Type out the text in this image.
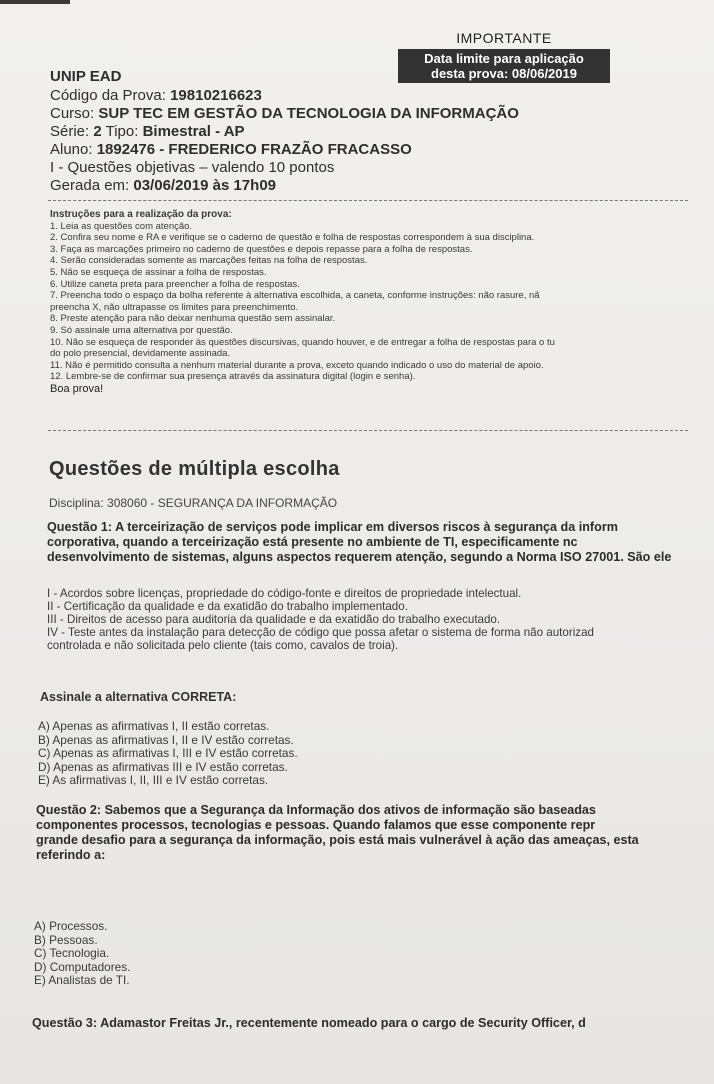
IMPORTANTE
Data limite para aplicação
desta prova: 08/06/2019
UNIP EAD
Código da Prova: 19810216623
Curso: SUP TEC EM GESTÃO DA TECNOLOGIA DA INFORMAÇÃO
Série: 2 Tipo: Bimestral - AP
Aluno: 1892476 - FREDERICO FRAZÃO FRACASSO
I - Questões objetivas – valendo 10 pontos
Gerada em: 03/06/2019 às 17h09
Instruções para a realização da prova:
1. Leia as questões com atenção.
2. Confira seu nome e RA e verifique se o caderno de questão e folha de respostas correspondem à sua disciplina.
3. Faça as marcações primeiro no caderno de questões e depois repasse para a folha de respostas.
4. Serão consideradas somente as marcações feitas na folha de respostas.
5. Não se esqueça de assinar a folha de respostas.
6. Utilize caneta preta para preencher a folha de respostas.
7. Preencha todo o espaço da bolha referente à alternativa escolhida, a caneta, conforme instruções: não rasure, nã
preencha X, não ultrapasse os limites para preenchimento.
8. Preste atenção para não deixar nenhuma questão sem assinalar.
9. Só assinale uma alternativa por questão.
10. Não se esqueça de responder às questões discursivas, quando houver, e de entregar a folha de respostas para o tu
do polo presencial, devidamente assinada.
11. Não é permitido consulta a nenhum material durante a prova, exceto quando indicado o uso do material de apoio.
12. Lembre-se de confirmar sua presença através da assinatura digital (login e senha).
Boa prova!
Questões de múltipla escolha
Disciplina: 308060 - SEGURANÇA DA INFORMAÇÃO
Questão 1: A terceirização de serviços pode implicar em diversos riscos à segurança da inform
corporativa, quando a terceirização está presente no ambiente de TI, especificamente nc
desenvolvimento de sistemas, alguns aspectos requerem atenção, segundo a Norma ISO 27001. São ele
I - Acordos sobre licenças, propriedade do código-fonte e direitos de propriedade intelectual.
II - Certificação da qualidade e da exatidão do trabalho implementado.
III - Direitos de acesso para auditoria da qualidade e da exatidão do trabalho executado.
IV - Teste antes da instalação para detecção de código que possa afetar o sistema de forma não autorizad
controlada e não solicitada pelo cliente (tais como, cavalos de troia).
Assinale a alternativa CORRETA:
A) Apenas as afirmativas I, II estão corretas.
B) Apenas as afirmativas I, II e IV estão corretas.
C) Apenas as afirmativas I, III e IV estão corretas.
D) Apenas as afirmativas III e IV estão corretas.
E) As afirmativas I, II, III e IV estão corretas.
Questão 2: Sabemos que a Segurança da Informação dos ativos de informação são baseadas
componentes processos, tecnologias e pessoas. Quando falamos que esse componente repr
grande desafio para a segurança da informação, pois está mais vulnerável à ação das ameaças, esta
referindo a:
A) Processos.
B) Pessoas.
C) Tecnologia.
D) Computadores.
E) Analistas de TI.
Questão 3: Adamastor Freitas Jr., recentemente nomeado para o cargo de Security Officer, d
